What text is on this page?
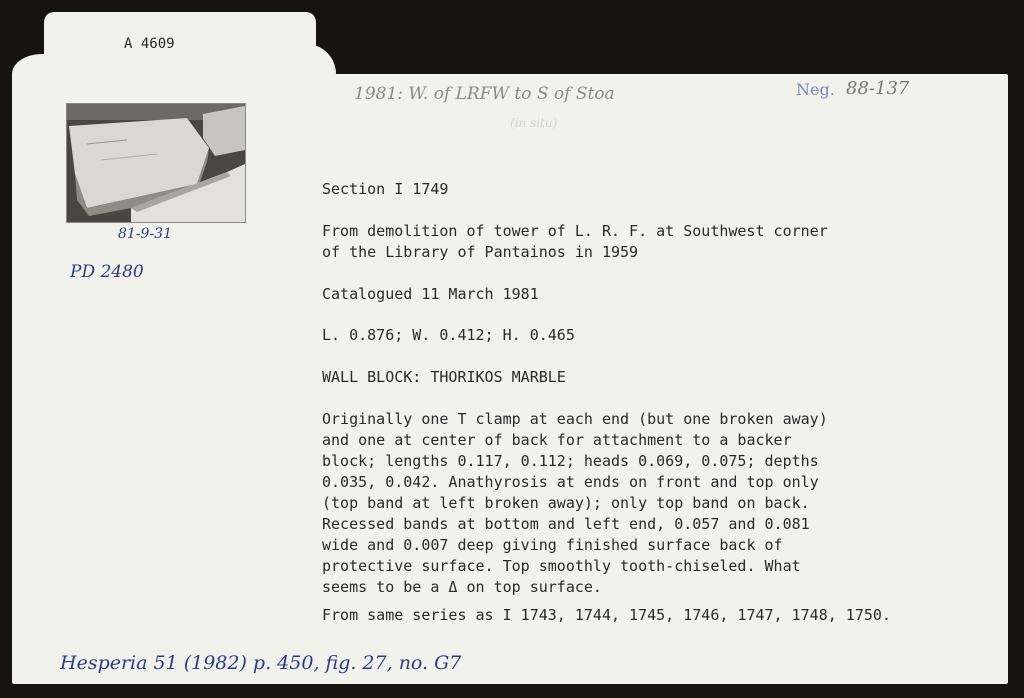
A 4609
1981: W. of LRFW to S of Stoa
(in situ)
Neg. 88-137
81-9-31
PD 2480
Section I 1749
From demolition of tower of L. R. F. at Southwest corner
of the Library of Pantainos in 1959
Catalogued 11 March 1981
L. 0.876; W. 0.412; H. 0.465
WALL BLOCK: THORIKOS MARBLE
Originally one T clamp at each end (but one broken away)
and one at center of back for attachment to a backer
block; lengths 0.117, 0.112; heads 0.069, 0.075; depths
0.035, 0.042. Anathyrosis at ends on front and top only
(top band at left broken away); only top band on back.
Recessed bands at bottom and left end, 0.057 and 0.081
wide and 0.007 deep giving finished surface back of
protective surface. Top smoothly tooth-chiseled. What
seems to be a Δ on top surface.
From same series as I 1743, 1744, 1745, 1746, 1747, 1748, 1750.
Hesperia 51 (1982) p. 450, fig. 27, no. G7
